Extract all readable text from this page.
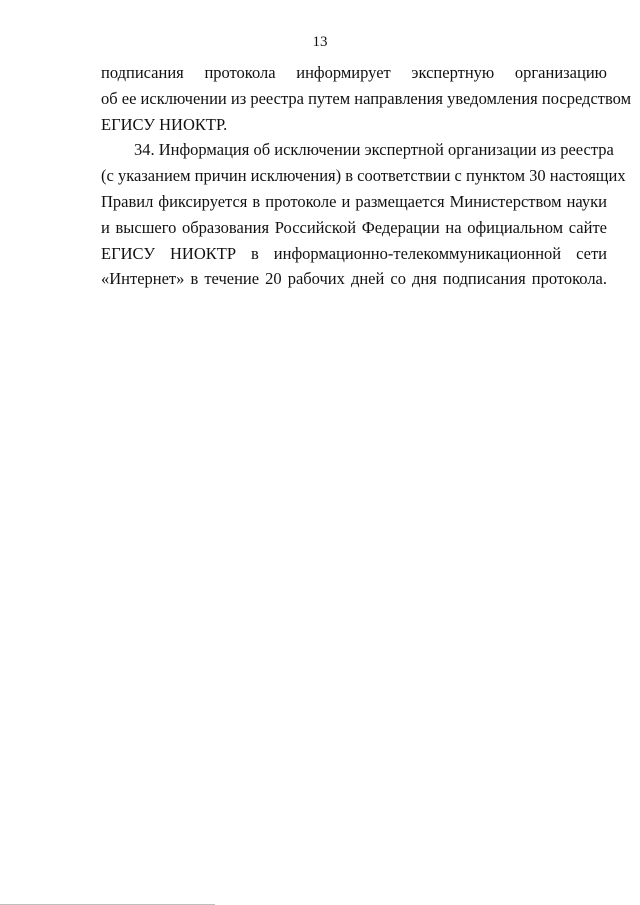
13
подписания протокола информирует экспертную организацию
об ее исключении из реестра путем направления уведомления посредством
ЕГИСУ НИОКТР.
34. Информация об исключении экспертной организации из реестра
(с указанием причин исключения) в соответствии с пунктом 30 настоящих
Правил фиксируется в протоколе и размещается Министерством науки
и высшего образования Российской Федерации на официальном сайте
ЕГИСУ НИОКТР в информационно-телекоммуникационной сети
«Интернет» в течение 20 рабочих дней со дня подписания протокола.
